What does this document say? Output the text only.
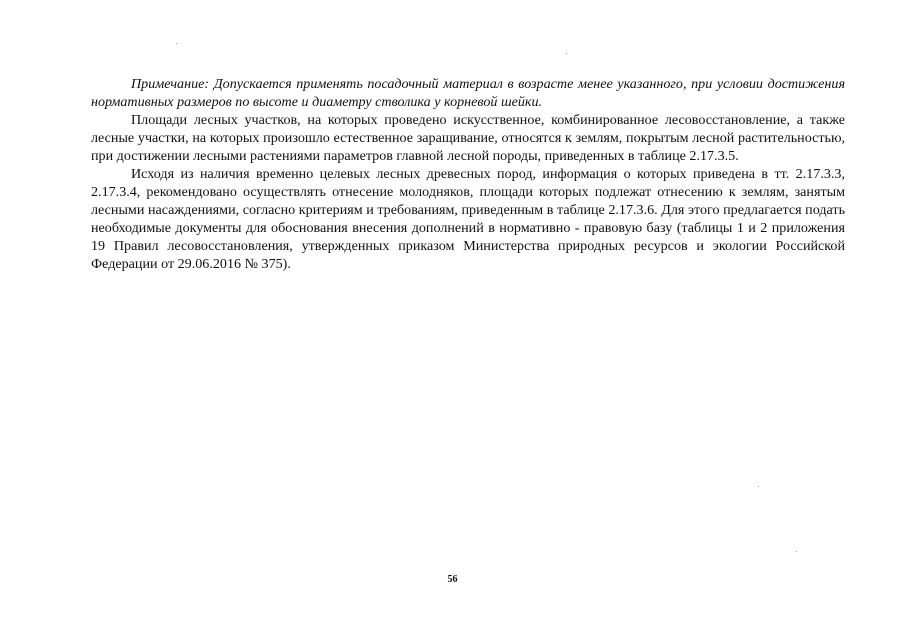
Примечание: Допускается применять посадочный материал в возрасте менее указанного, при условии достижения нормативных размеров по высоте и диаметру стволика у корневой шейки.

Площади лесных участков, на которых проведено искусственное, комбинированное лесовосстановление, а также лесные участки, на которых произошло естественное заращивание, относятся к землям, покрытым лесной растительностью, при достижении лесными растениями параметров главной лесной породы, приведенных в таблице 2.17.3.5.

Исходя из наличия временно целевых лесных древесных пород, информация о которых приведена в тт. 2.17.3.3, 2.17.3.4, рекомендовано осуществлять отнесение молодняков, площади которых подлежат отнесению к землям, занятым лесными насаждениями, согласно критериям и требованиям, приведенным в таблице 2.17.3.6. Для этого предлагается подать необходимые документы для обоснования внесения дополнений в нормативно - правовую базу (таблицы 1 и 2 приложения 19 Правил лесовосстановления, утвержденных приказом Министерства природных ресурсов и экологии Российской Федерации от 29.06.2016 № 375).

56
